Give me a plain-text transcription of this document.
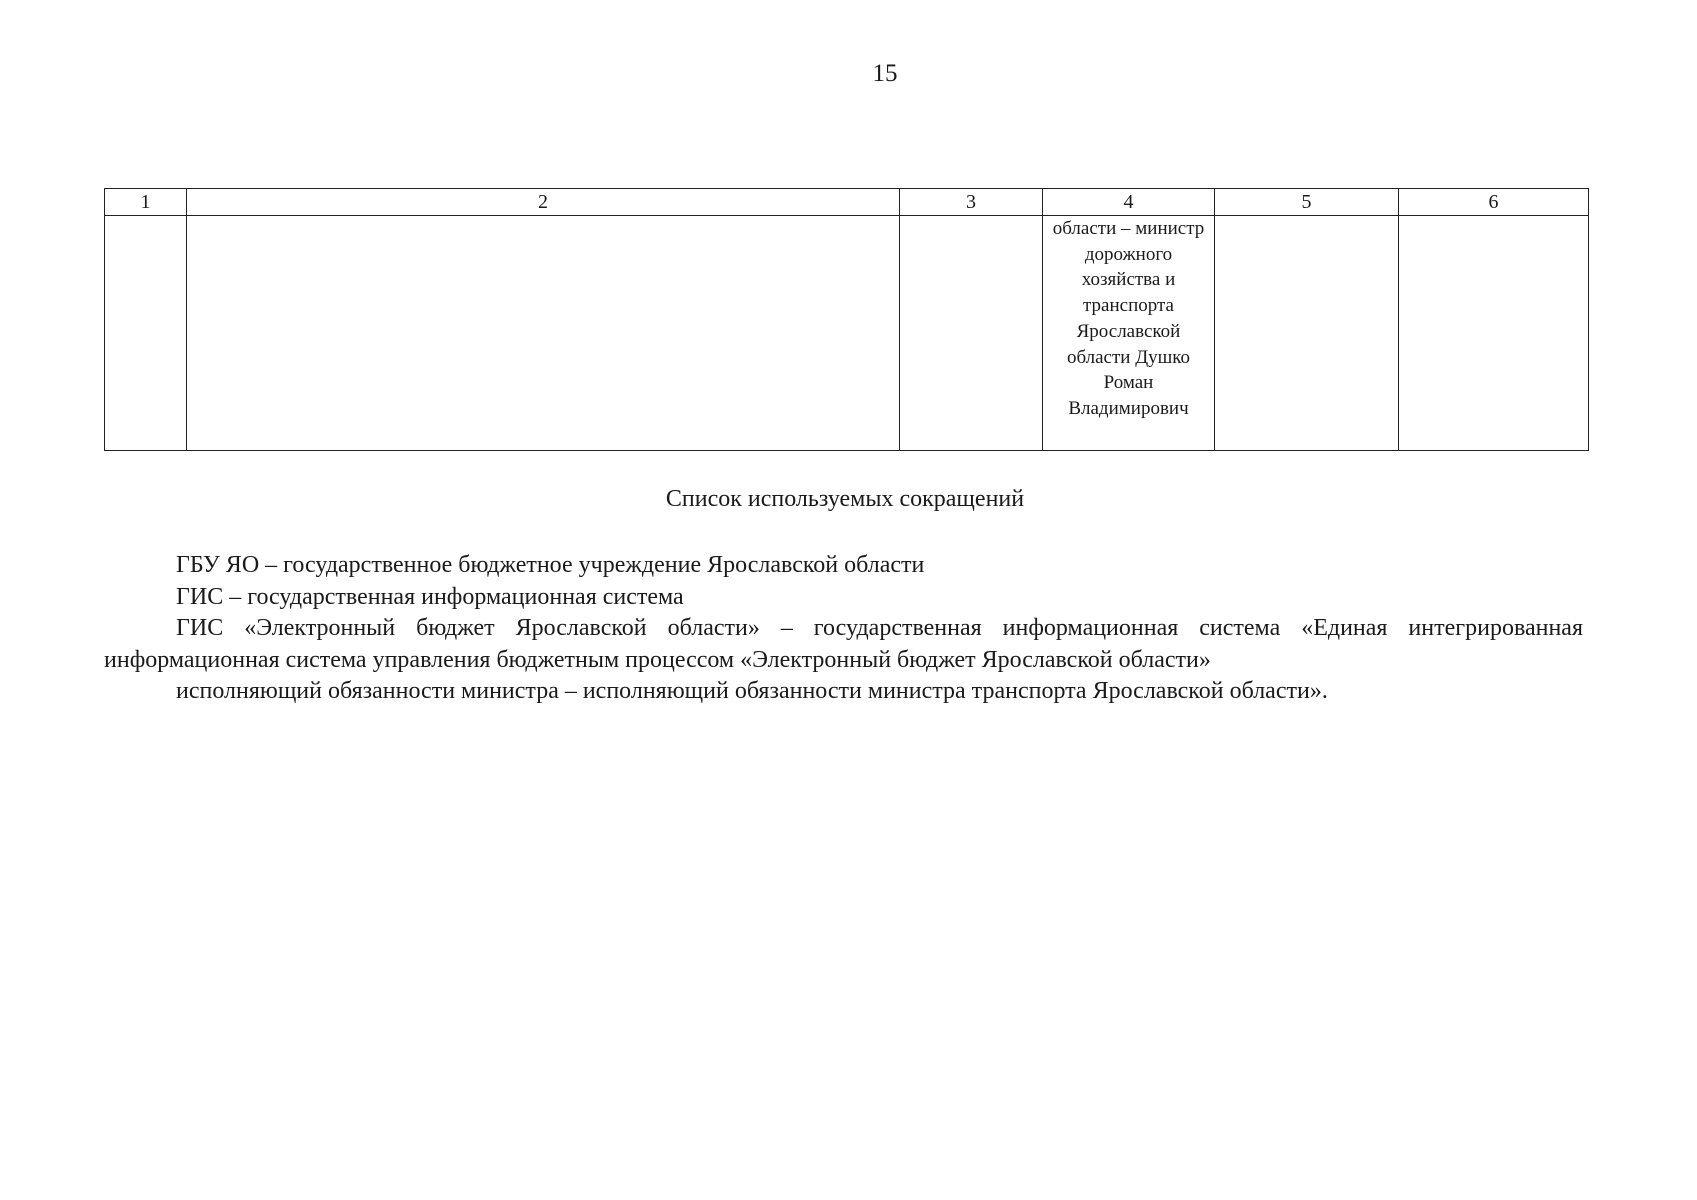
15
1	2	3	4	5	6

			области – министр дорожного хозяйства и транспорта Ярославской области Душко Роман Владимирович		

Список используемых сокращений

ГБУ ЯО – государственное бюджетное учреждение Ярославской области

ГИС – государственная информационная система

ГИС «Электронный бюджет Ярославской области» – государственная информационная система «Единая интегрированная информационная система управления бюджетным процессом «Электронный бюджет Ярославской области»

исполняющий обязанности министра – исполняющий обязанности министра транспорта Ярославской области».
